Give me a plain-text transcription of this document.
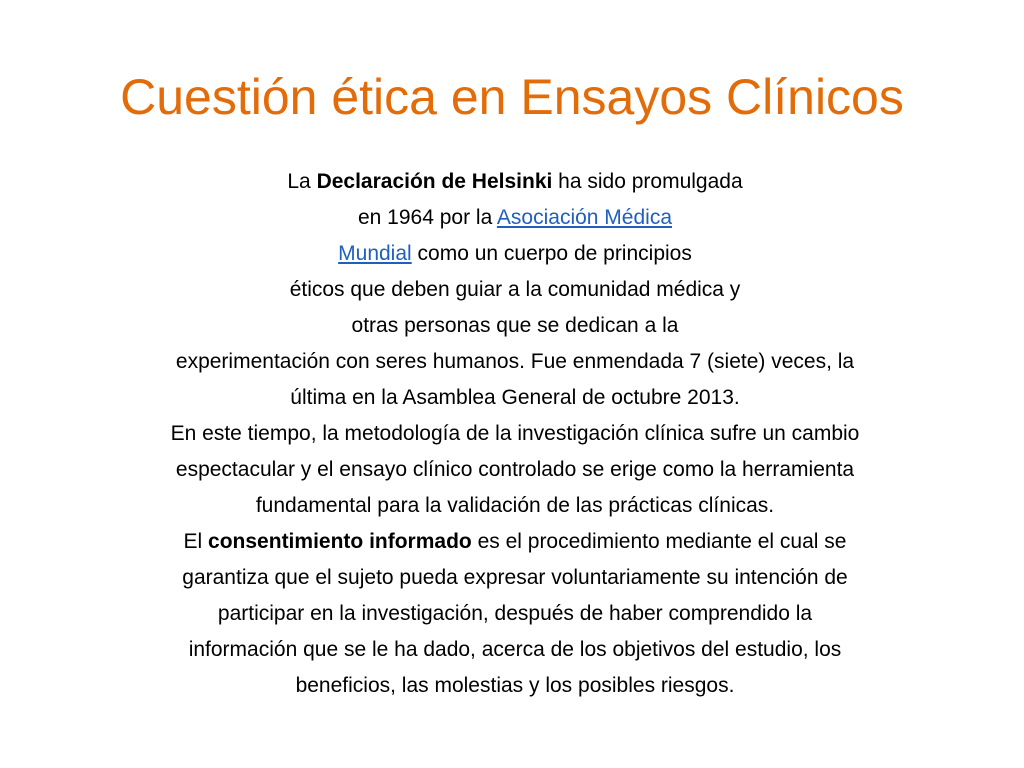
Cuestión ética en Ensayos Clínicos
La Declaración de Helsinki ha sido promulgada
en 1964 por la Asociación Médica
Mundial como un cuerpo de principios
éticos que deben guiar a la comunidad médica y
otras personas que se dedican a la
experimentación con seres humanos. Fue enmendada 7 (siete) veces, la
última en la Asamblea General de octubre 2013.
En este tiempo, la metodología de la investigación clínica sufre un cambio
espectacular y el ensayo clínico controlado se erige como la herramienta
fundamental para la validación de las prácticas clínicas.
El consentimiento informado es el procedimiento mediante el cual se
garantiza que el sujeto pueda expresar voluntariamente su intención de
participar en la investigación, después de haber comprendido la
información que se le ha dado, acerca de los objetivos del estudio, los
beneficios, las molestias y los posibles riesgos.
